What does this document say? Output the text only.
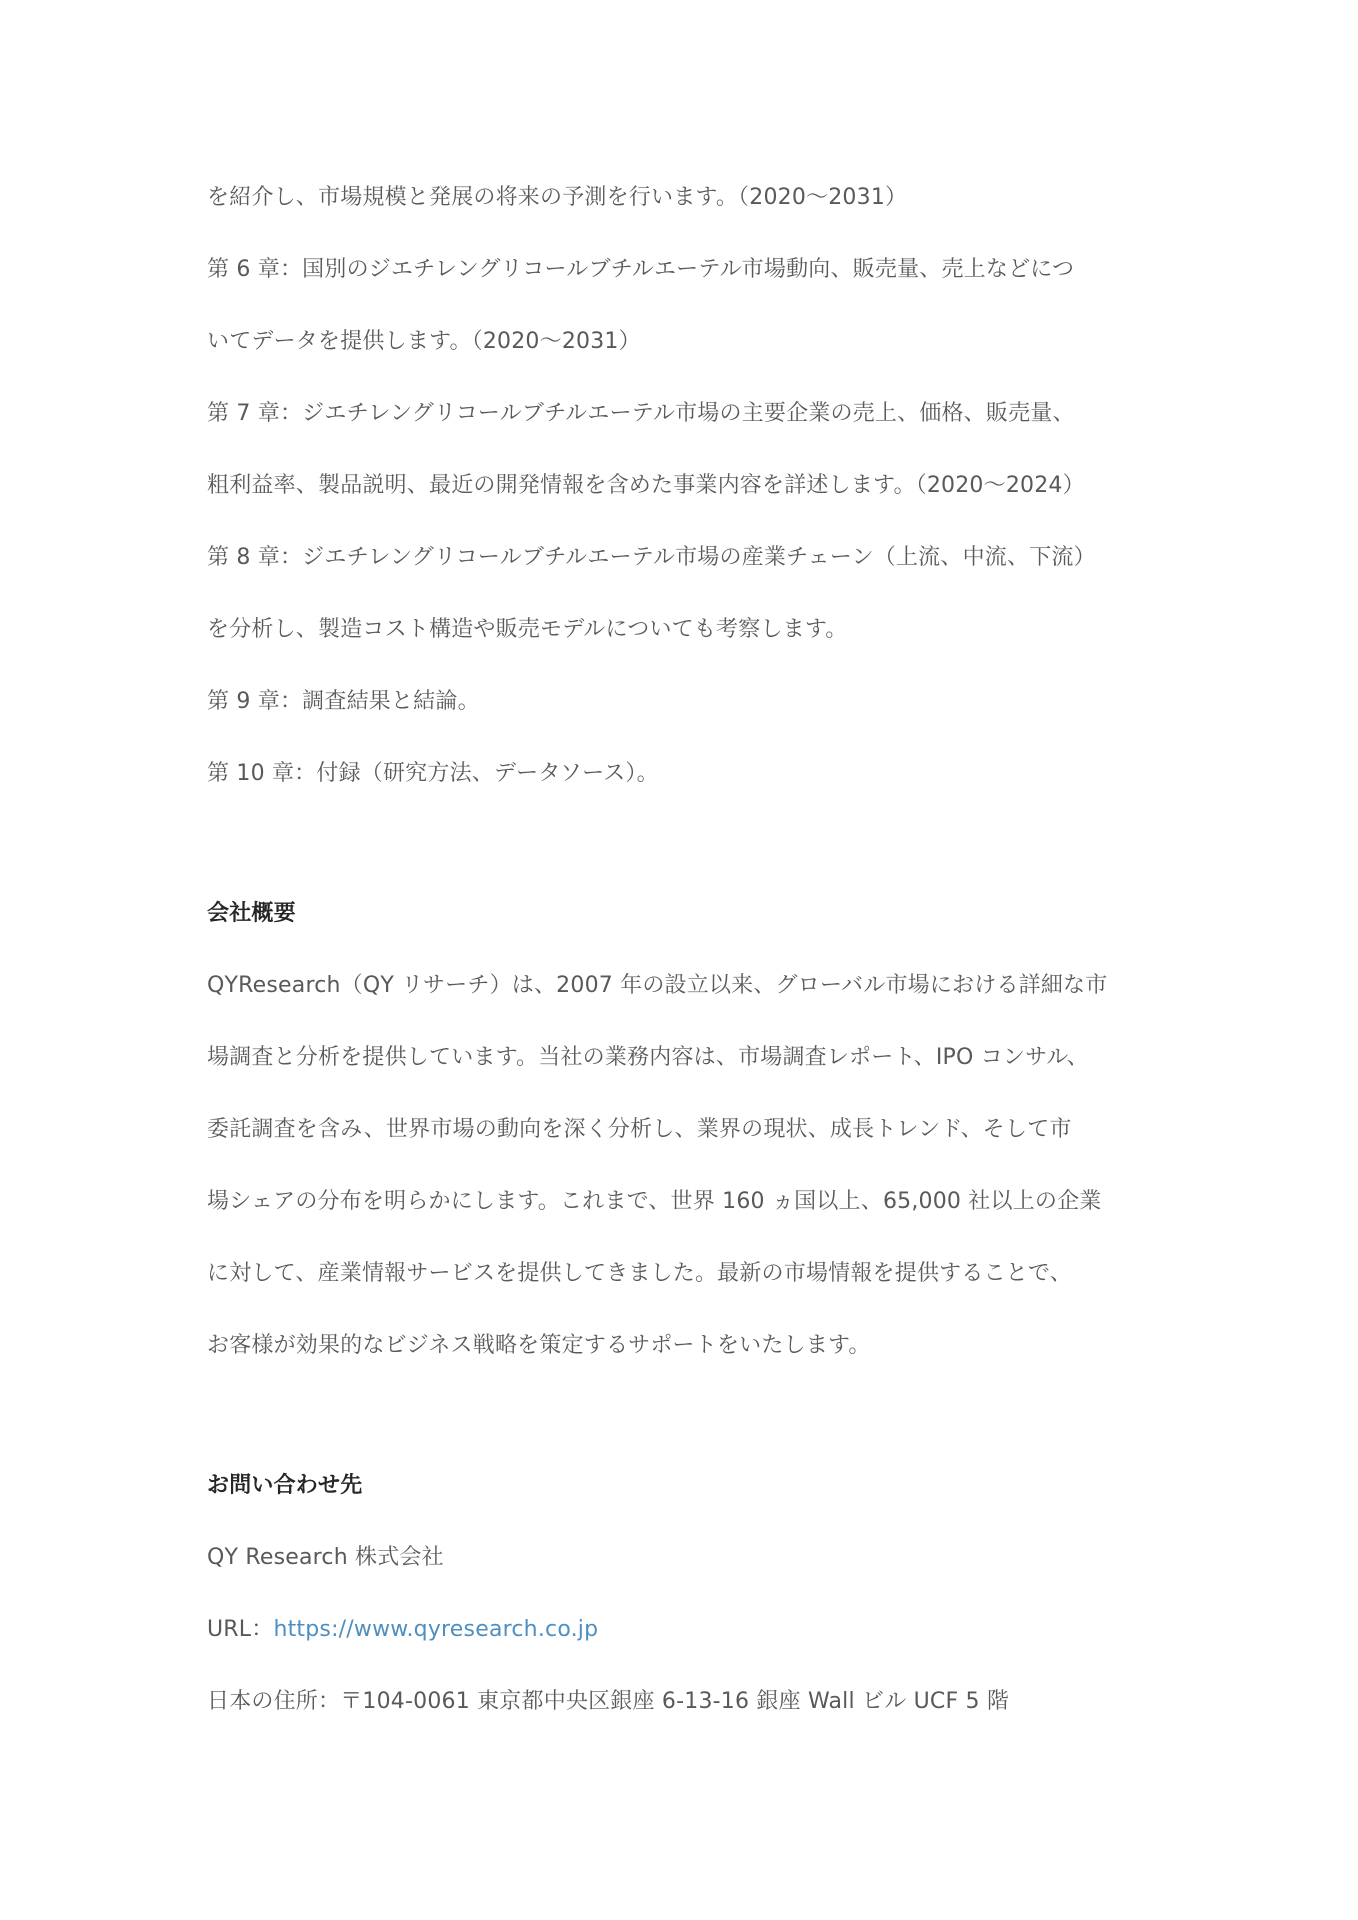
を紹介し、市場規模と発展の将来の予測を行います。（2020～2031）
第 6 章：国別のジエチレングリコールブチルエーテル市場動向、販売量、売上などにつ
いてデータを提供します。（2020～2031）
第 7 章：ジエチレングリコールブチルエーテル市場の主要企業の売上、価格、販売量、
粗利益率、製品説明、最近の開発情報を含めた事業内容を詳述します。（2020～2024）
第 8 章：ジエチレングリコールブチルエーテル市場の産業チェーン（上流、中流、下流）
を分析し、製造コスト構造や販売モデルについても考察します。
第 9 章：調査結果と結論。
第 10 章：付録（研究方法、データソース）。
会社概要
QYResearch（QY リサーチ）は、2007 年の設立以来、グローバル市場における詳細な市
場調査と分析を提供しています。当社の業務内容は、市場調査レポート、IPO コンサル、
委託調査を含み、世界市場の動向を深く分析し、業界の現状、成長トレンド、そして市
場シェアの分布を明らかにします。これまで、世界 160 ヵ国以上、65,000 社以上の企業
に対して、産業情報サービスを提供してきました。最新の市場情報を提供することで、
お客様が効果的なビジネス戦略を策定するサポートをいたします。
お問い合わせ先
QY Research 株式会社
URL：https://www.qyresearch.co.jp
日本の住所：〒104-0061 東京都中央区銀座 6-13-16 銀座 Wall ビル UCF 5 階
